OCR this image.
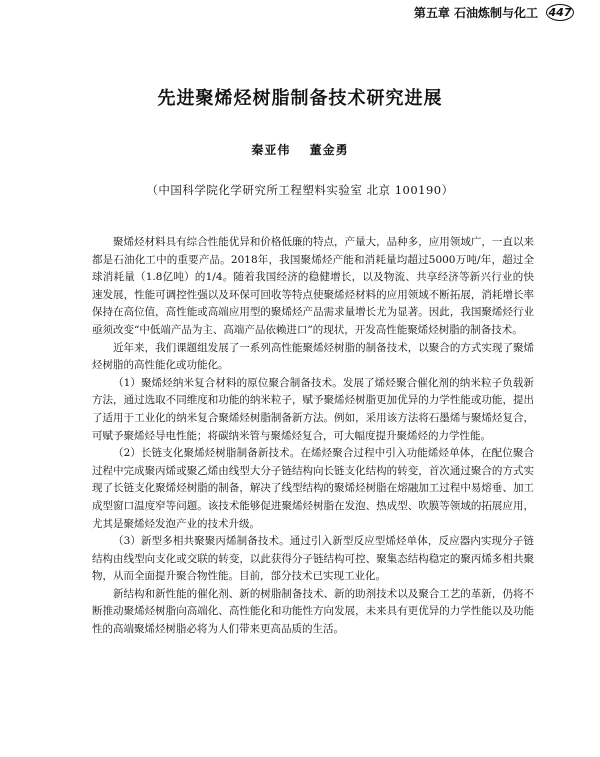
第五章 石油炼制与化工 447
先进聚烯烃树脂制备技术研究进展
秦亚伟 董金勇
（中国科学院化学研究所工程塑料实验室 北京 100190）

聚烯烃材料具有综合性能优异和价格低廉的特点，产量大，品种多，应用领域广，一直以来都是石油化工中的重要产品。2018年，我国聚烯烃产能和消耗量均超过5000万吨/年，超过全球消耗量（1.8亿吨）的1/4。随着我国经济的稳健增长，以及物流、共享经济等新兴行业的快速发展，性能可调控性强以及环保可回收等特点使聚烯烃材料的应用领域不断拓展，消耗增长率保持在高位值，高性能或高端应用型的聚烯烃产品需求量增长尤为显著。因此，我国聚烯烃行业亟须改变“中低端产品为主、高端产品依赖进口”的现状，开发高性能聚烯烃树脂的制备技术。

近年来，我们课题组发展了一系列高性能聚烯烃树脂的制备技术，以聚合的方式实现了聚烯烃树脂的高性能化或功能化。

（1）聚烯烃纳米复合材料的原位聚合制备技术。发展了烯烃聚合催化剂的纳米粒子负载新方法，通过选取不同维度和功能的纳米粒子，赋予聚烯烃树脂更加优异的力学性能或功能，提出了适用于工业化的纳米复合聚烯烃树脂制备新方法。例如，采用该方法将石墨烯与聚烯烃复合，可赋予聚烯烃导电性能；将碳纳米管与聚烯烃复合，可大幅度提升聚烯烃的力学性能。

（2）长链支化聚烯烃树脂制备新技术。在烯烃聚合过程中引入功能烯烃单体，在配位聚合过程中完成聚丙烯或聚乙烯由线型大分子链结构向长链支化结构的转变，首次通过聚合的方式实现了长链支化聚烯烃树脂的制备，解决了线型结构的聚烯烃树脂在熔融加工过程中易熔垂、加工成型窗口温度窄等问题。该技术能够促进聚烯烃树脂在发泡、热成型、吹膜等领域的拓展应用，尤其是聚烯烃发泡产业的技术升级。

（3）新型多相共聚聚丙烯制备技术。通过引入新型反应型烯烃单体，反应器内实现分子链结构由线型向支化或交联的转变，以此获得分子链结构可控、聚集态结构稳定的聚丙烯多相共聚物，从而全面提升聚合物性能。目前，部分技术已实现工业化。

新结构和新性能的催化剂、新的树脂制备技术、新的助剂技术以及聚合工艺的革新，仍将不断推动聚烯烃树脂向高端化、高性能化和功能性方向发展，未来具有更优异的力学性能以及功能性的高端聚烯烃树脂必将为人们带来更高品质的生活。
